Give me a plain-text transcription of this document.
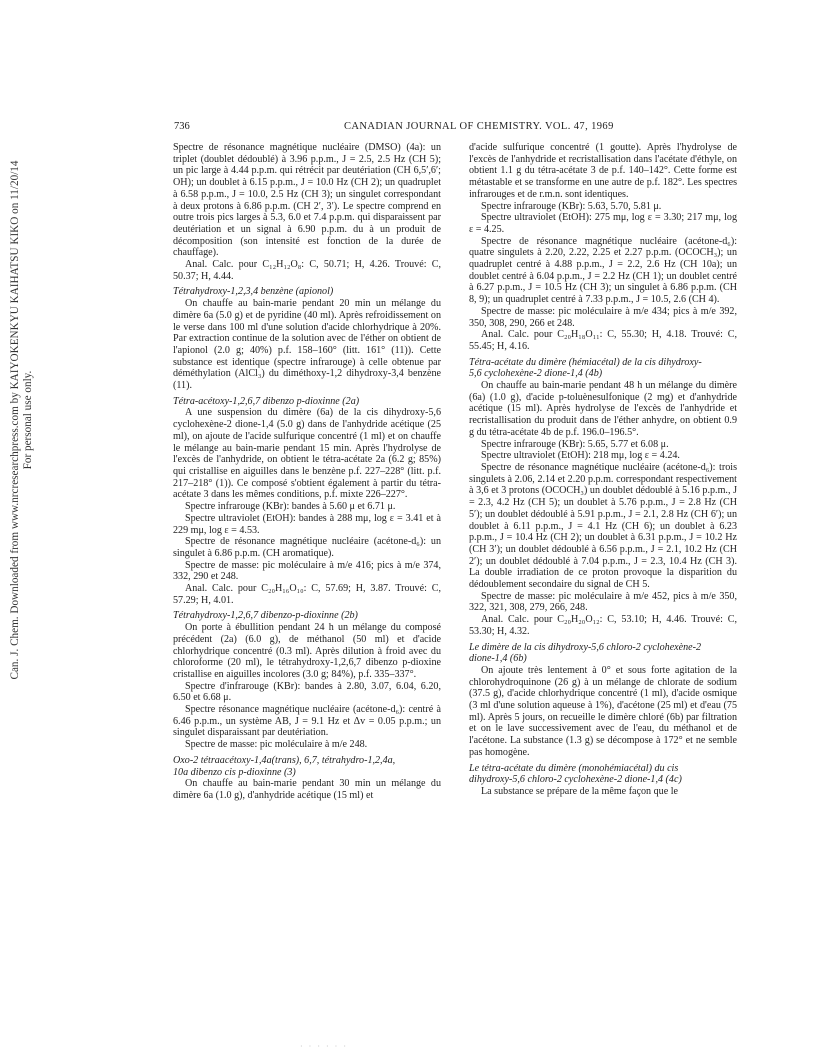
Can. J. Chem. Downloaded from www.nrcresearchpress.com by KAIYOKENKYU KAIHATSU KIKO on 11/20/14 For personal use only.
736	CANADIAN JOURNAL OF CHEMISTRY. VOL. 47, 1969

Spectre de résonance magnétique nucléaire (DMSO) (4a): un triplet (doublet dédoublé) à 3.96 p.p.m., J = 2.5, 2.5 Hz (CH 5); un pic large à 4.44 p.p.m. qui rétrécit par deutériation (CH 6,5′,6′; OH); un doublet à 6.15 p.p.m., J = 10.0 Hz (CH 2); un quadruplet à 6.58 p.p.m., J = 10.0, 2.5 Hz (CH 3); un singulet correspondant à deux protons à 6.86 p.p.m. (CH 2′, 3′). Le spectre comprend en outre trois pics larges à 5.3, 6.0 et 7.4 p.p.m. qui disparaissent par deutériation et un signal à 6.90 p.p.m. du à un produit de décomposition (son intensité est fonction de la durée de chauffage).

Anal. Calc. pour C₁₂H₁₂O₈: C, 50.71; H, 4.26. Trouvé: C, 50.37; H, 4.44.

Tétrahydroxy-1,2,3,4 benzène (apionol)

On chauffe au bain-marie pendant 20 min un mélange du dimère 6a (5.0 g) et de pyridine (40 ml). Après refroidissement on le verse dans 100 ml d'une solution d'acide chlorhydrique à 20%. Par extraction continue de la solution avec de l'éther on obtient de l'apionol (2.0 g; 40%) p.f. 158–160° (litt. 161° (11)). Cette substance est identique (spectre infrarouge) à celle obtenue par déméthylation (AlCl₃) du diméthoxy-1,2 dihydroxy-3,4 benzène (11).

Tétra-acétoxy-1,2,6,7 dibenzo p-dioxinne (2a)

A une suspension du dimère (6a) de la cis dihydroxy-5,6 cyclohexène-2 dione-1,4 (5.0 g) dans de l'anhydride acétique (25 ml), on ajoute de l'acide sulfurique concentré (1 ml) et on chauffe le mélange au bain-marie pendant 15 min. Après l'hydrolyse de l'excès de l'anhydride, on obtient le tétra-acétate 2a (6.2 g; 85%) qui cristallise en aiguilles dans le benzène p.f. 227–228° (litt. p.f. 217–218° (1)). Ce composé s'obtient également à partir du tétra-acétate 3 dans les mêmes conditions, p.f. mixte 226–227°.

Spectre infrarouge (KBr): bandes à 5.60 μ et 6.71 μ.

Spectre ultraviolet (EtOH): bandes à 288 mμ, log ε = 3.41 et à 229 mμ, log ε = 4.53.

Spectre de résonance magnétique nucléaire (acétone-d₆): un singulet à 6.86 p.p.m. (CH aromatique).

Spectre de masse: pic moléculaire à m/e 416; pics à m/e 374, 332, 290 et 248.

Anal. Calc. pour C₂₀H₁₆O₁₀: C, 57.69; H, 3.87. Trouvé: C, 57.29; H, 4.01.

Tétrahydroxy-1,2,6,7 dibenzo-p-dioxinne (2b)

On porte à ébullition pendant 24 h un mélange du composé précédent (2a) (6.0 g), de méthanol (50 ml) et d'acide chlorhydrique concentré (0.3 ml). Après dilution à froid avec du chloroforme (20 ml), le tétrahydroxy-1,2,6,7 dibenzo p-dioxine cristallise en aiguilles incolores (3.0 g; 84%), p.f. 335–337°.

Spectre d'infrarouge (KBr): bandes à 2.80, 3.07, 6.04, 6.20, 6.50 et 6.68 μ.

Spectre résonance magnétique nucléaire (acétone-d₆): centré à 6.46 p.p.m., un système AB, J = 9.1 Hz et Δv = 0.05 p.p.m.; un singulet disparaissant par deutériation.

Spectre de masse: pic moléculaire à m/e 248.

Oxo-2 tétraacétoxy-1,4a(trans), 6,7, tétrahydro-1,2,4a,
10a dibenzo cis p-dioxinne (3)

On chauffe au bain-marie pendant 30 min un mélange du dimère 6a (1.0 g), d'anhydride acétique (15 ml) et

d'acide sulfurique concentré (1 goutte). Après l'hydrolyse de l'excès de l'anhydride et recristallisation dans l'acétate d'éthyle, on obtient 1.1 g du tétra-acétate 3 de p.f. 140–142°. Cette forme est métastable et se transforme en une autre de p.f. 182°. Les spectres infrarouges et de r.m.n. sont identiques.

Spectre infrarouge (KBr): 5.63, 5.70, 5.81 μ.

Spectre ultraviolet (EtOH): 275 mμ, log ε = 3.30; 217 mμ, log ε = 4.25.

Spectre de résonance magnétique nucléaire (acétone-d₆): quatre singulets à 2.20, 2.22, 2.25 et 2.27 p.p.m. (OCOCH₃); un quadruplet centré à 4.88 p.p.m., J = 2.2, 2.6 Hz (CH 10a); un doublet centré à 6.04 p.p.m., J = 2.2 Hz (CH 1); un doublet centré à 6.27 p.p.m., J = 10.5 Hz (CH 3); un singulet à 6.86 p.p.m. (CH 8, 9); un quadruplet centré à 7.33 p.p.m., J = 10.5, 2.6 (CH 4).

Spectre de masse: pic moléculaire à m/e 434; pics à m/e 392, 350, 308, 290, 266 et 248.

Anal. Calc. pour C₂₀H₁₈O₁₁: C, 55.30; H, 4.18. Trouvé: C, 55.45; H, 4.16.

Tétra-acétate du dimère (hémiacétal) de la cis dihydroxy-
5,6 cyclohexène-2 dione-1,4 (4b)

On chauffe au bain-marie pendant 48 h un mélange du dimère (6a) (1.0 g), d'acide p-toluènesulfonique (2 mg) et d'anhydride acétique (15 ml). Après hydrolyse de l'excès de l'anhydride et recristallisation du produit dans de l'éther anhydre, on obtient 0.9 g du tétra-acétate 4b de p.f. 196.0–196.5°.

Spectre infrarouge (KBr): 5.65, 5.77 et 6.08 μ.

Spectre ultraviolet (EtOH): 218 mμ, log ε = 4.24.

Spectre de résonance magnétique nucléaire (acétone-d₆): trois singulets à 2.06, 2.14 et 2.20 p.p.m. correspondant respectivement à 3,6 et 3 protons (OCOCH₃) un doublet dédoublé à 5.16 p.p.m., J = 2.3, 4.2 Hz (CH 5); un doublet à 5.76 p.p.m., J = 2.8 Hz (CH 5′); un doublet dédoublé à 5.91 p.p.m., J = 2.1, 2.8 Hz (CH 6′); un doublet à 6.11 p.p.m., J = 4.1 Hz (CH 6); un doublet à 6.23 p.p.m., J = 10.4 Hz (CH 2); un doublet à 6.31 p.p.m., J = 10.2 Hz (CH 3′); un doublet dédoublé à 6.56 p.p.m., J = 2.1, 10.2 Hz (CH 2′); un doublet dédoublé à 7.04 p.p.m., J = 2.3, 10.4 Hz (CH 3). La double irradiation de ce proton provoque la disparition du dédoublement secondaire du signal de CH 5.

Spectre de masse: pic moléculaire à m/e 452, pics à m/e 350, 322, 321, 308, 279, 266, 248.

Anal. Calc. pour C₂₀H₂₀O₁₂: C, 53.10; H, 4.46. Trouvé: C, 53.30; H, 4.32.

Le dimère de la cis dihydroxy-5,6 chloro-2 cyclohexène-2
dione-1,4 (6b)

On ajoute très lentement à 0° et sous forte agitation de la chlorohydroquinone (26 g) à un mélange de chlorate de sodium (37.5 g), d'acide chlorhydrique concentré (1 ml), d'acide osmique (3 ml d'une solution aqueuse à 1%), d'acétone (25 ml) et d'eau (75 ml). Après 5 jours, on recueille le dimère chloré (6b) par filtration et on le lave successivement avec de l'eau, du méthanol et de l'acétone. La substance (1.3 g) se décompose à 172° et ne semble pas homogène.

Le tétra-acétate du dimère (monohémiacétal) du cis
dihydroxy-5,6 chloro-2 cyclohexène-2 dione-1,4 (4c)

La substance se prépare de la même façon que le

· · · · · ·
